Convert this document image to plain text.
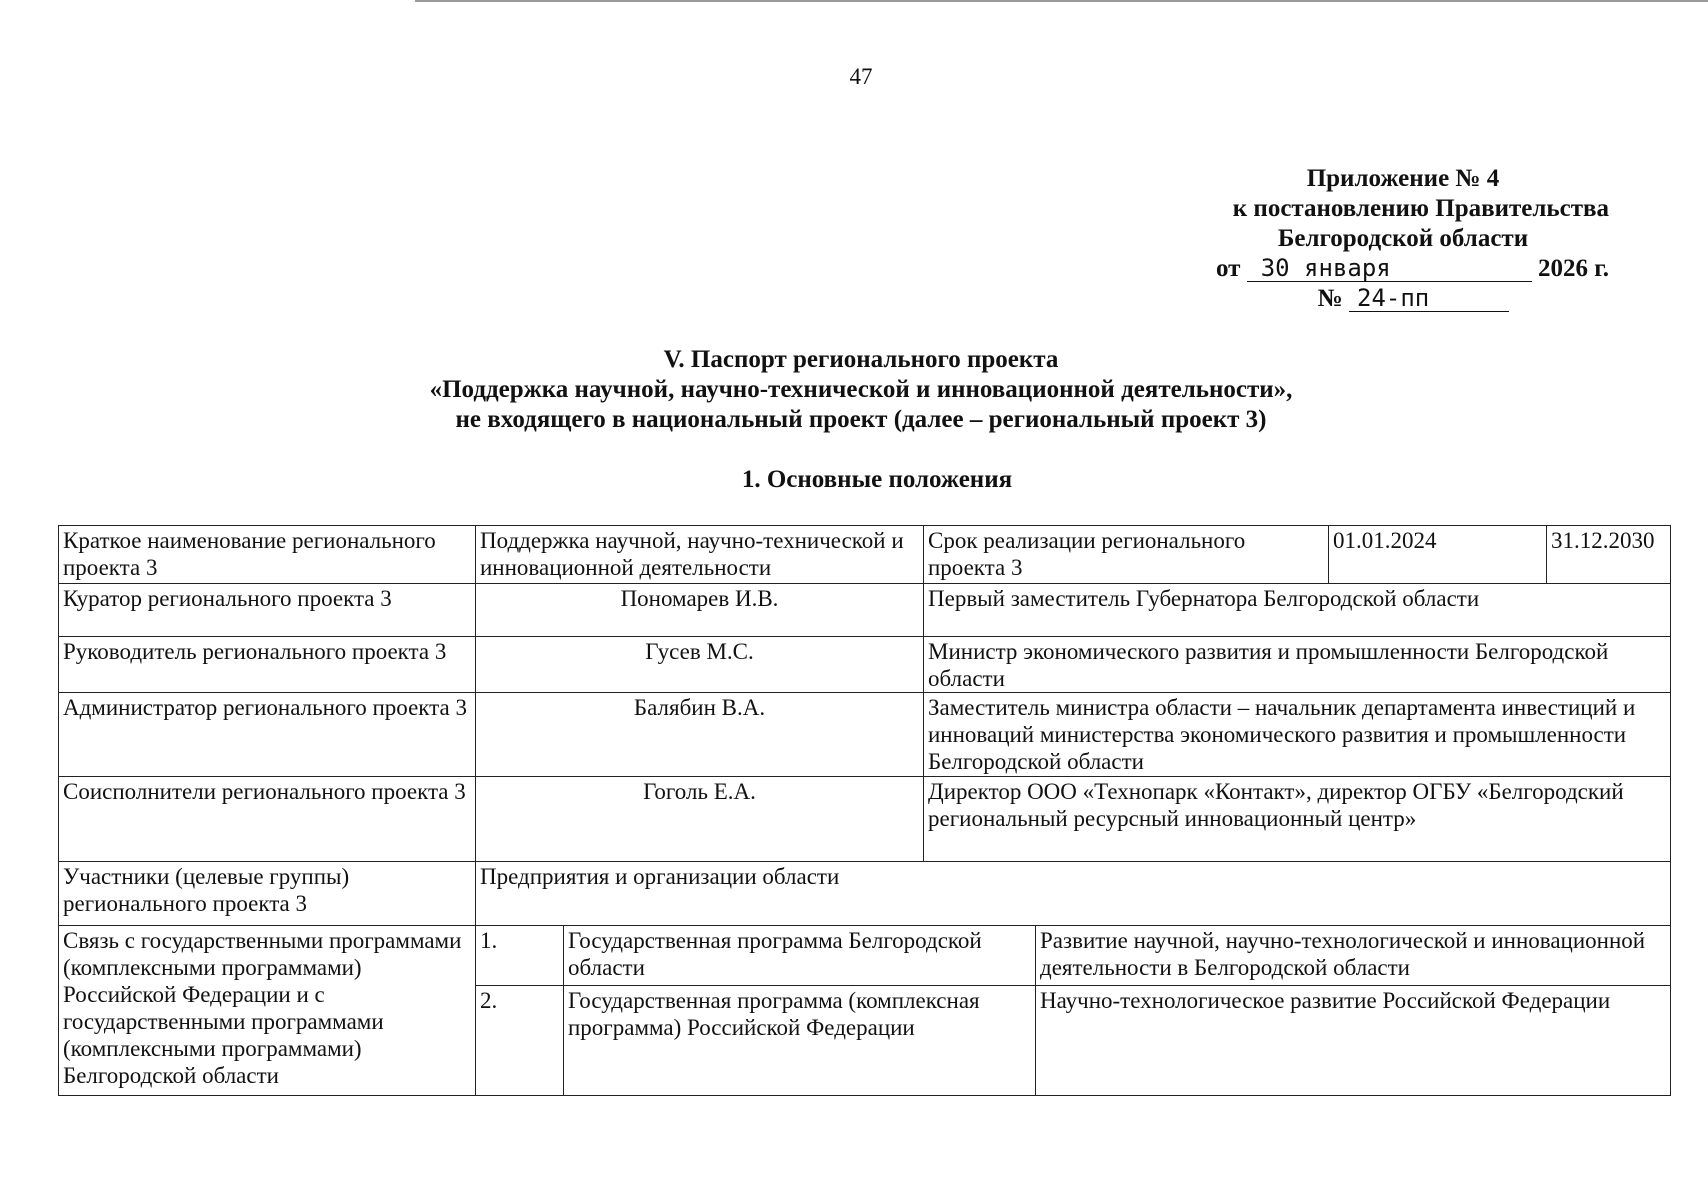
47
Приложение № 4
к постановлению Правительства
Белгородской области
от 30 января	2026 г.
№ 24-пп
V. Паспорт регионального проекта
«Поддержка научной, научно-технической и инновационной деятельности»,
не входящего в национальный проект (далее – региональный проект 3)
1. Основные положения
Краткое наименование регионального проекта 3	Поддержка научной, научно-технической и инновационной деятельности		Срок реализации регионального проекта 3		01.01.2024	31.12.2030
Куратор регионального проекта 3	Пономарев И.В.		Первый заместитель Губернатора Белгородской области			
Руководитель регионального проекта 3	Гусев М.С.		Министр экономического развития и промышленности Белгородской области			
Администратор регионального проекта 3	Балябин В.А.		Заместитель министра области – начальник департамента инвестиций и инноваций министерства экономического развития и промышленности Белгородской области			
Соисполнители регионального проекта 3	Гоголь Е.А.		Директор ООО «Технопарк «Контакт», директор ОГБУ «Белгородский региональный ресурсный инновационный центр»			
Участники (целевые группы) регионального проекта 3	Предприятия и организации области					
Связь с государственными программами (комплексными программами) Российской Федерации и с государственными программами (комплексными программами) Белгородской области	1.	Государственная программа Белгородской области		Развитие научной, научно-технологической и инновационной деятельности в Белгородской области		
	2.	Государственная программа (комплексная программа) Российской Федерации		Научно-технологическое развитие Российской Федерации		
